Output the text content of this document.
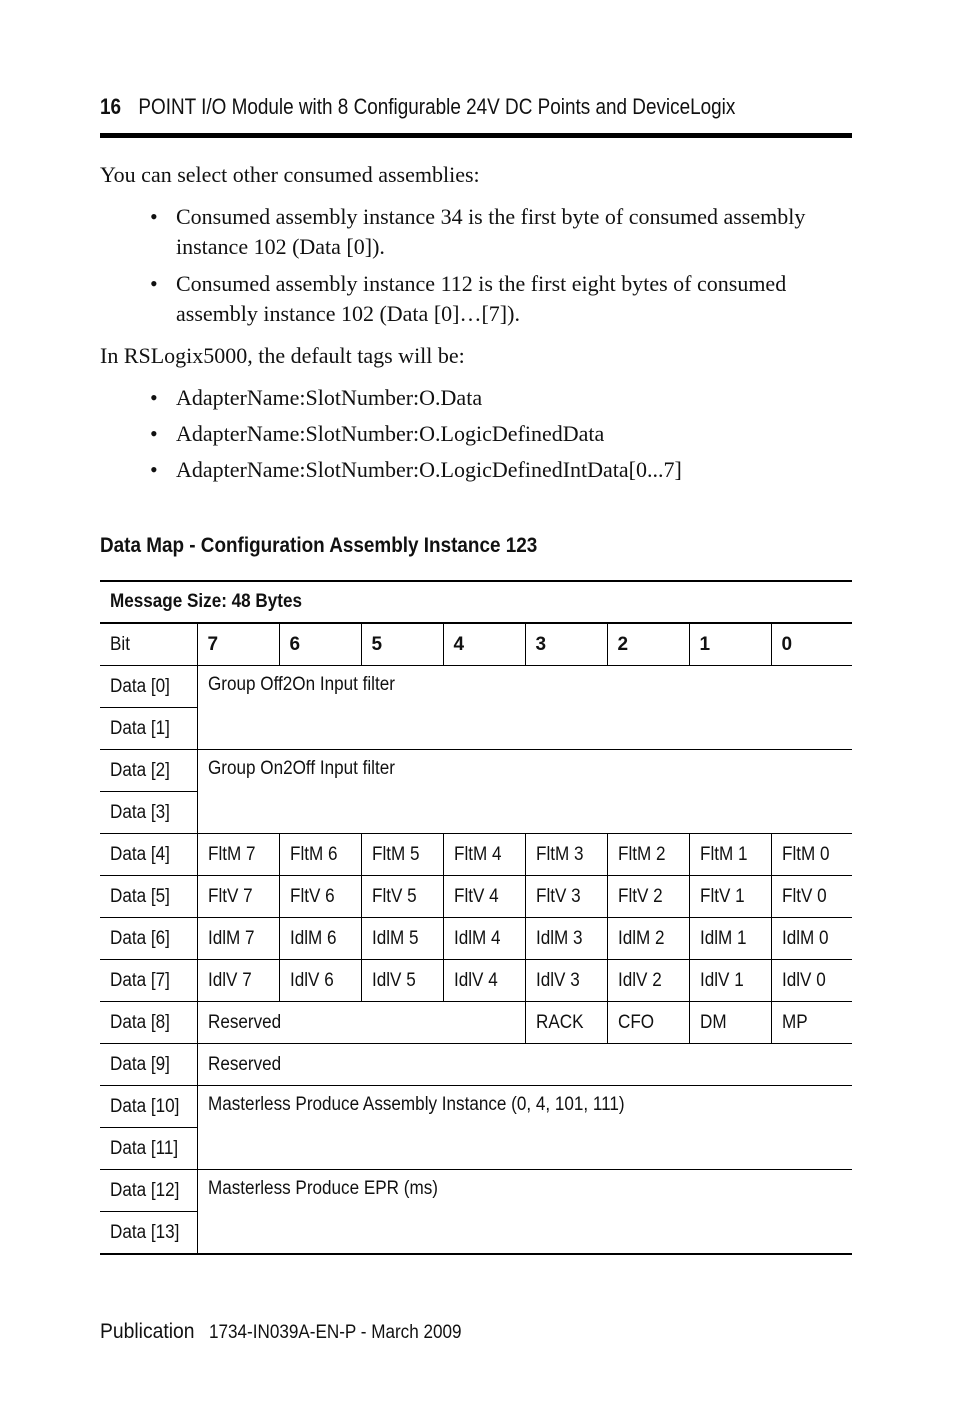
16 POINT I/O Module with 8 Configurable 24V DC Points and DeviceLogix
You can select other consumed assemblies:
• Consumed assembly instance 34 is the first byte of consumed assembly instance 102 (Data [0]).
• Consumed assembly instance 112 is the first eight bytes of consumed assembly instance 102 (Data [0]…[7]).
In RSLogix5000, the default tags will be:
• AdapterName:SlotNumber:O.Data
• AdapterName:SlotNumber:O.LogicDefinedData
• AdapterName:SlotNumber:O.LogicDefinedIntData[0...7]
Data Map - Configuration Assembly Instance 123
Message Size: 48 Bytes								
Bit	7	6	5	4	3	2	1	0
Data [0]	Group Off2On Input filter							
Data [1]								
Data [2]	Group On2Off Input filter							
Data [3]								
Data [4]	FltM 7	FltM 6	FltM 5	FltM 4	FltM 3	FltM 2	FltM 1	FltM 0
Data [5]	FltV 7	FltV 6	FltV 5	FltV 4	FltV 3	FltV 2	FltV 1	FltV 0
Data [6]	IdlM 7	IdlM 6	IdlM 5	IdlM 4	IdlM 3	IdlM 2	IdlM 1	IdlM 0
Data [7]	IdlV 7	IdlV 6	IdlV 5	IdlV 4	IdlV 3	IdlV 2	IdlV 1	IdlV 0
Data [8]	Reserved				RACK	CFO	DM	MP
Data [9]	Reserved							
Data [10]	Masterless Produce Assembly Instance (0, 4, 101, 111)							
Data [11]								
Data [12]	Masterless Produce EPR (ms)							
Data [13]								
Publication 1734-IN039A-EN-P - March 2009
